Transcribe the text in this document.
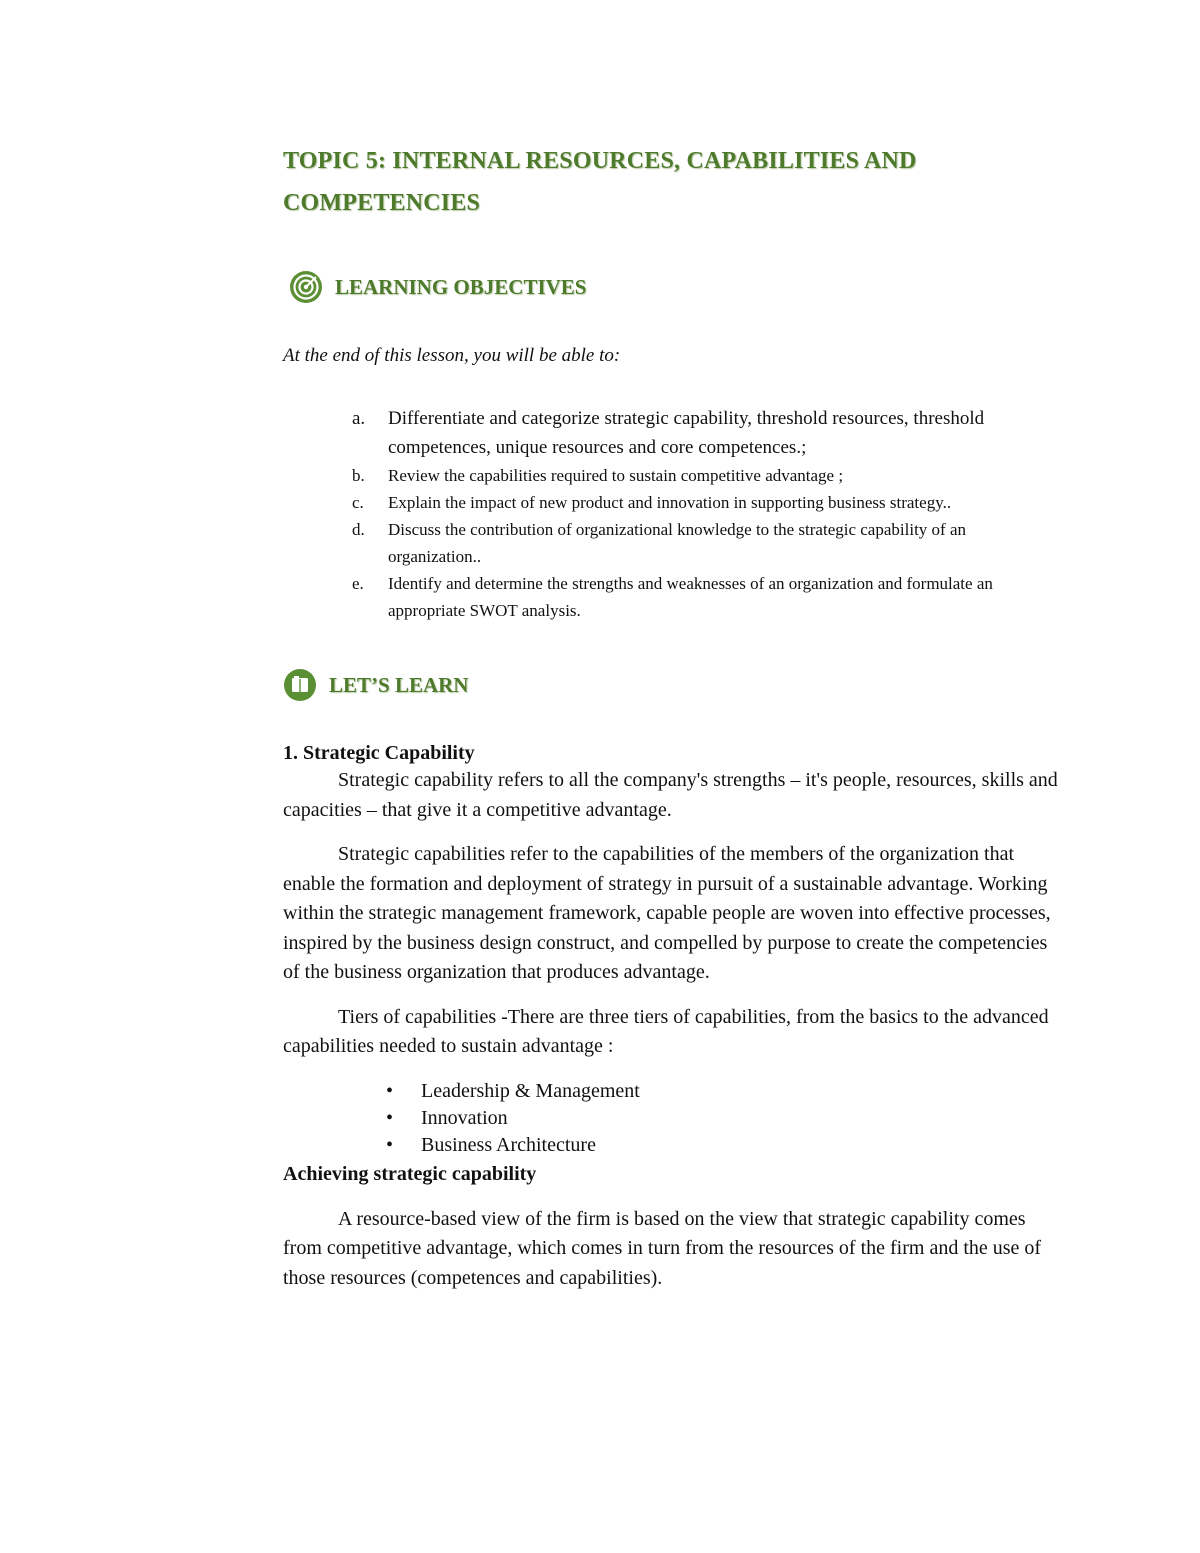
TOPIC 5: INTERNAL RESOURCES, CAPABILITIES AND COMPETENCIES
LEARNING OBJECTIVES

At the end of this lesson, you will be able to:

a. Differentiate and categorize strategic capability, threshold resources, threshold competences, unique resources and core competences.;
b. Review the capabilities required to sustain competitive advantage ;
c. Explain the impact of new product and innovation in supporting business strategy..
d. Discuss the contribution of organizational knowledge to the strategic capability of an organization..
e. Identify and determine the strengths and weaknesses of an organization and formulate an appropriate SWOT analysis.
LET’S LEARN
1. Strategic Capability

Strategic capability refers to all the company's strengths – it's people, resources, skills and capacities – that give it a competitive advantage.

Strategic capabilities refer to the capabilities of the members of the organization that enable the formation and deployment of strategy in pursuit of a sustainable advantage. Working within the strategic management framework, capable people are woven into effective processes, inspired by the business design construct, and compelled by purpose to create the competencies of the business organization that produces advantage.

Tiers of capabilities -There are three tiers of capabilities, from the basics to the advanced capabilities needed to sustain advantage :

• Leadership & Management
• Innovation
• Business Architecture
Achieving strategic capability

A resource-based view of the firm is based on the view that strategic capability comes from competitive advantage, which comes in turn from the resources of the firm and the use of those resources (competences and capabilities).
